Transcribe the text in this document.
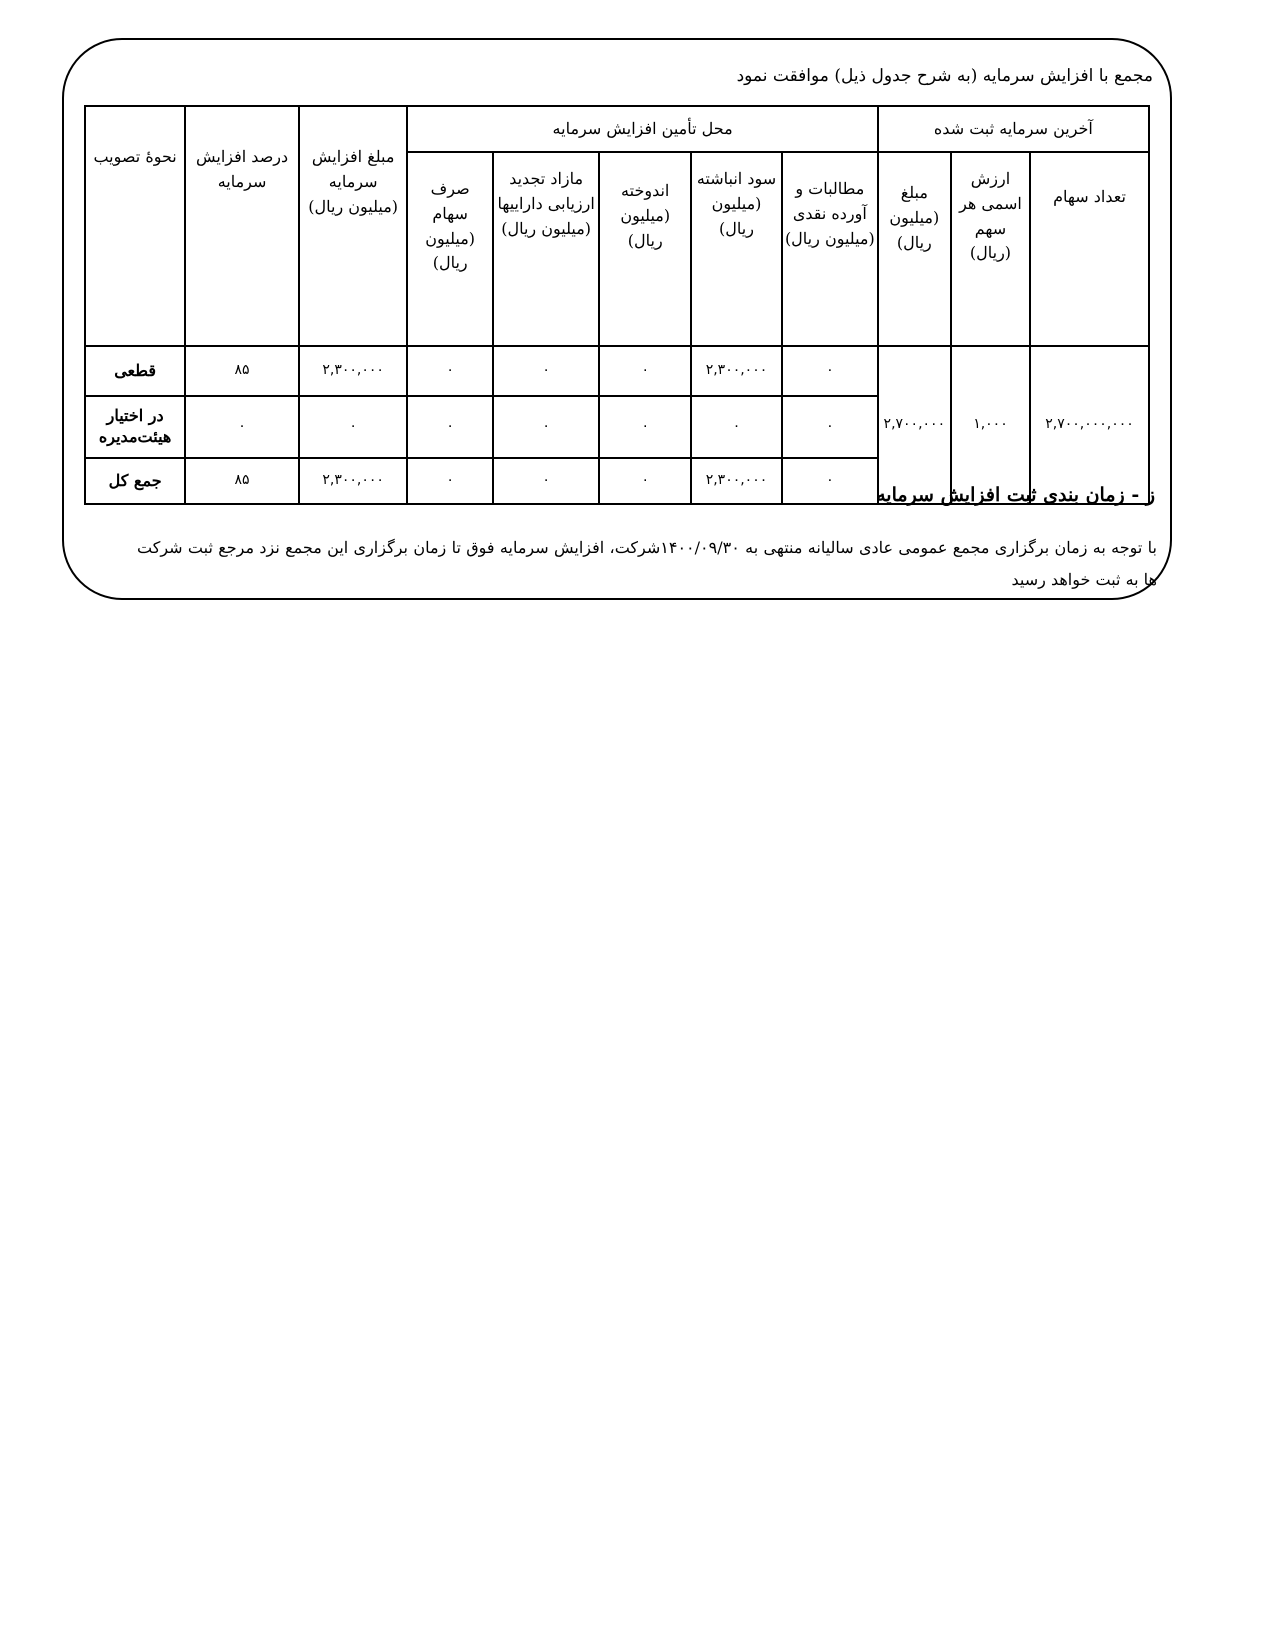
مجمع با افزایش سرمایه (به شرح جدول ذیل) موافقت نمود
آخرین سرمایه ثبت شده			محل تأمین افزایش سرمایه					مبلغ افزایش سرمایه (میلیون ریال)	درصد افزایش سرمایه	نحوهٔ تصویب
تعداد سهام	ارزش اسمی هر سهم (ریال)	مبلغ (میلیون ریال)	مطالبات و آورده نقدی (میلیون ریال)	سود انباشته (میلیون ریال)	اندوخته (میلیون ریال)	مازاد تجدید ارزیابی داراییها (میلیون ریال)	صرف سهام (میلیون ریال)			
۲,۷۰۰,۰۰۰,۰۰۰	۱,۰۰۰	۲,۷۰۰,۰۰۰	۰	۲,۳۰۰,۰۰۰	۰	۰	۰	۲,۳۰۰,۰۰۰	۸۵	قطعی
			۰	۰	۰	۰	۰	۰	۰	در اختیار هیئت‌مدیره
			۰	۲,۳۰۰,۰۰۰	۰	۰	۰	۲,۳۰۰,۰۰۰	۸۵	جمع کل
ز - زمان بندی ثبت افزایش سرمایه
با توجه به زمان برگزاری مجمع عمومی عادی سالیانه منتهی به ۱۴۰۰/۰۹/۳۰شرکت، افزایش سرمایه فوق تا زمان برگزاری این مجمع نزد مرجع ثبت شرکت ها به ثبت خواهد رسید
